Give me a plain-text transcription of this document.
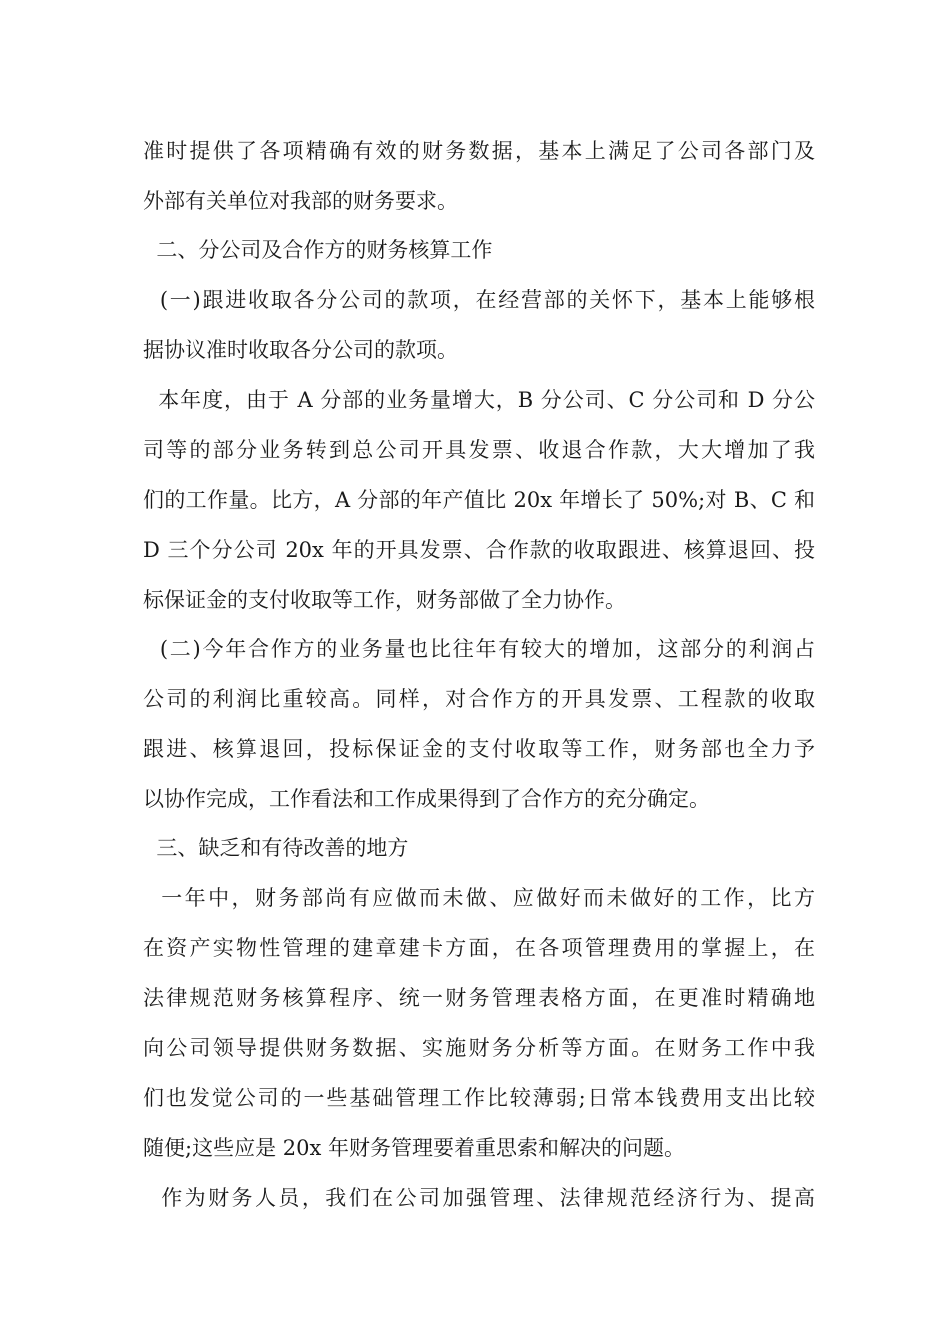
准时提供了各项精确有效的财务数据，基本上满足了公司各部门及
外部有关单位对我部的财务要求。
二、分公司及合作方的财务核算工作
(一)跟进收取各分公司的款项，在经营部的关怀下，基本上能够根
据协议准时收取各分公司的款项。
本年度，由于 A 分部的业务量增大，B 分公司、C 分公司和 D 分公
司等的部分业务转到总公司开具发票、收退合作款，大大增加了我
们的工作量。比方，A 分部的年产值比 20x 年增长了 50%;对 B、C 和
D 三个分公司 20x 年的开具发票、合作款的收取跟进、核算退回、投
标保证金的支付收取等工作，财务部做了全力协作。
(二)今年合作方的业务量也比往年有较大的增加，这部分的利润占
公司的利润比重较高。同样，对合作方的开具发票、工程款的收取
跟进、核算退回，投标保证金的支付收取等工作，财务部也全力予
以协作完成，工作看法和工作成果得到了合作方的充分确定。
三、缺乏和有待改善的地方
一年中，财务部尚有应做而未做、应做好而未做好的工作，比方
在资产实物性管理的建章建卡方面，在各项管理费用的掌握上，在
法律规范财务核算程序、统一财务管理表格方面，在更准时精确地
向公司领导提供财务数据、实施财务分析等方面。在财务工作中我
们也发觉公司的一些基础管理工作比较薄弱;日常本钱费用支出比较
随便;这些应是 20x 年财务管理要着重思索和解决的问题。
作为财务人员，我们在公司加强管理、法律规范经济行为、提高
